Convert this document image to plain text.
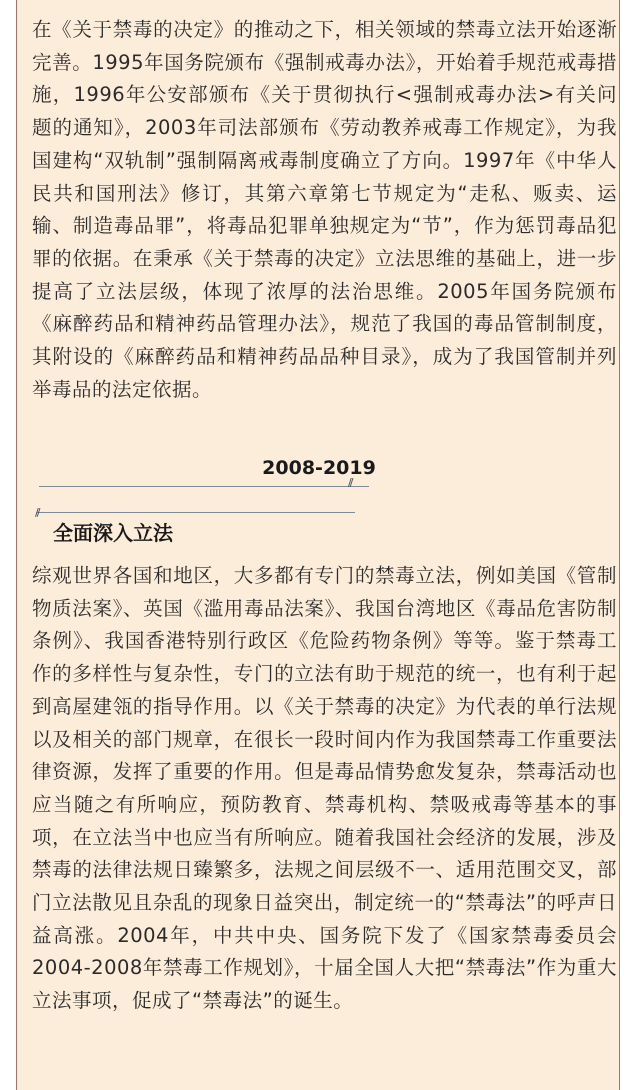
在《关于禁毒的决定》的推动之下，相关领域的禁毒立法开始逐渐完善。1995年国务院颁布《强制戒毒办法》，开始着手规范戒毒措施，1996年公安部颁布《关于贯彻执行<强制戒毒办法>有关问题的通知》，2003年司法部颁布《劳动教养戒毒工作规定》，为我国建构“双轨制”强制隔离戒毒制度确立了方向。1997年《中华人民共和国刑法》修订，其第六章第七节规定为“走私、贩卖、运输、制造毒品罪”，将毒品犯罪单独规定为“节”，作为惩罚毒品犯罪的依据。在秉承《关于禁毒的决定》立法思维的基础上，进一步提高了立法层级，体现了浓厚的法治思维。2005年国务院颁布《麻醉药品和精神药品管理办法》，规范了我国的毒品管制制度，其附设的《麻醉药品和精神药品品种目录》，成为了我国管制并列举毒品的法定依据。

2008-2019
//
//
全面深入立法

综观世界各国和地区，大多都有专门的禁毒立法，例如美国《管制物质法案》、英国《滥用毒品法案》、我国台湾地区《毒品危害防制条例》、我国香港特别行政区《危险药物条例》等等。鉴于禁毒工作的多样性与复杂性，专门的立法有助于规范的统一，也有利于起到高屋建瓴的指导作用。以《关于禁毒的决定》为代表的单行法规以及相关的部门规章，在很长一段时间内作为我国禁毒工作重要法律资源，发挥了重要的作用。但是毒品情势愈发复杂，禁毒活动也应当随之有所响应，预防教育、禁毒机构、禁吸戒毒等基本的事项，在立法当中也应当有所响应。随着我国社会经济的发展，涉及禁毒的法律法规日臻繁多，法规之间层级不一、适用范围交叉，部门立法散见且杂乱的现象日益突出，制定统一的“禁毒法”的呼声日益高涨。2004年，中共中央、国务院下发了《国家禁毒委员会2004-2008年禁毒工作规划》，十届全国人大把“禁毒法”作为重大立法事项，促成了“禁毒法”的诞生。
